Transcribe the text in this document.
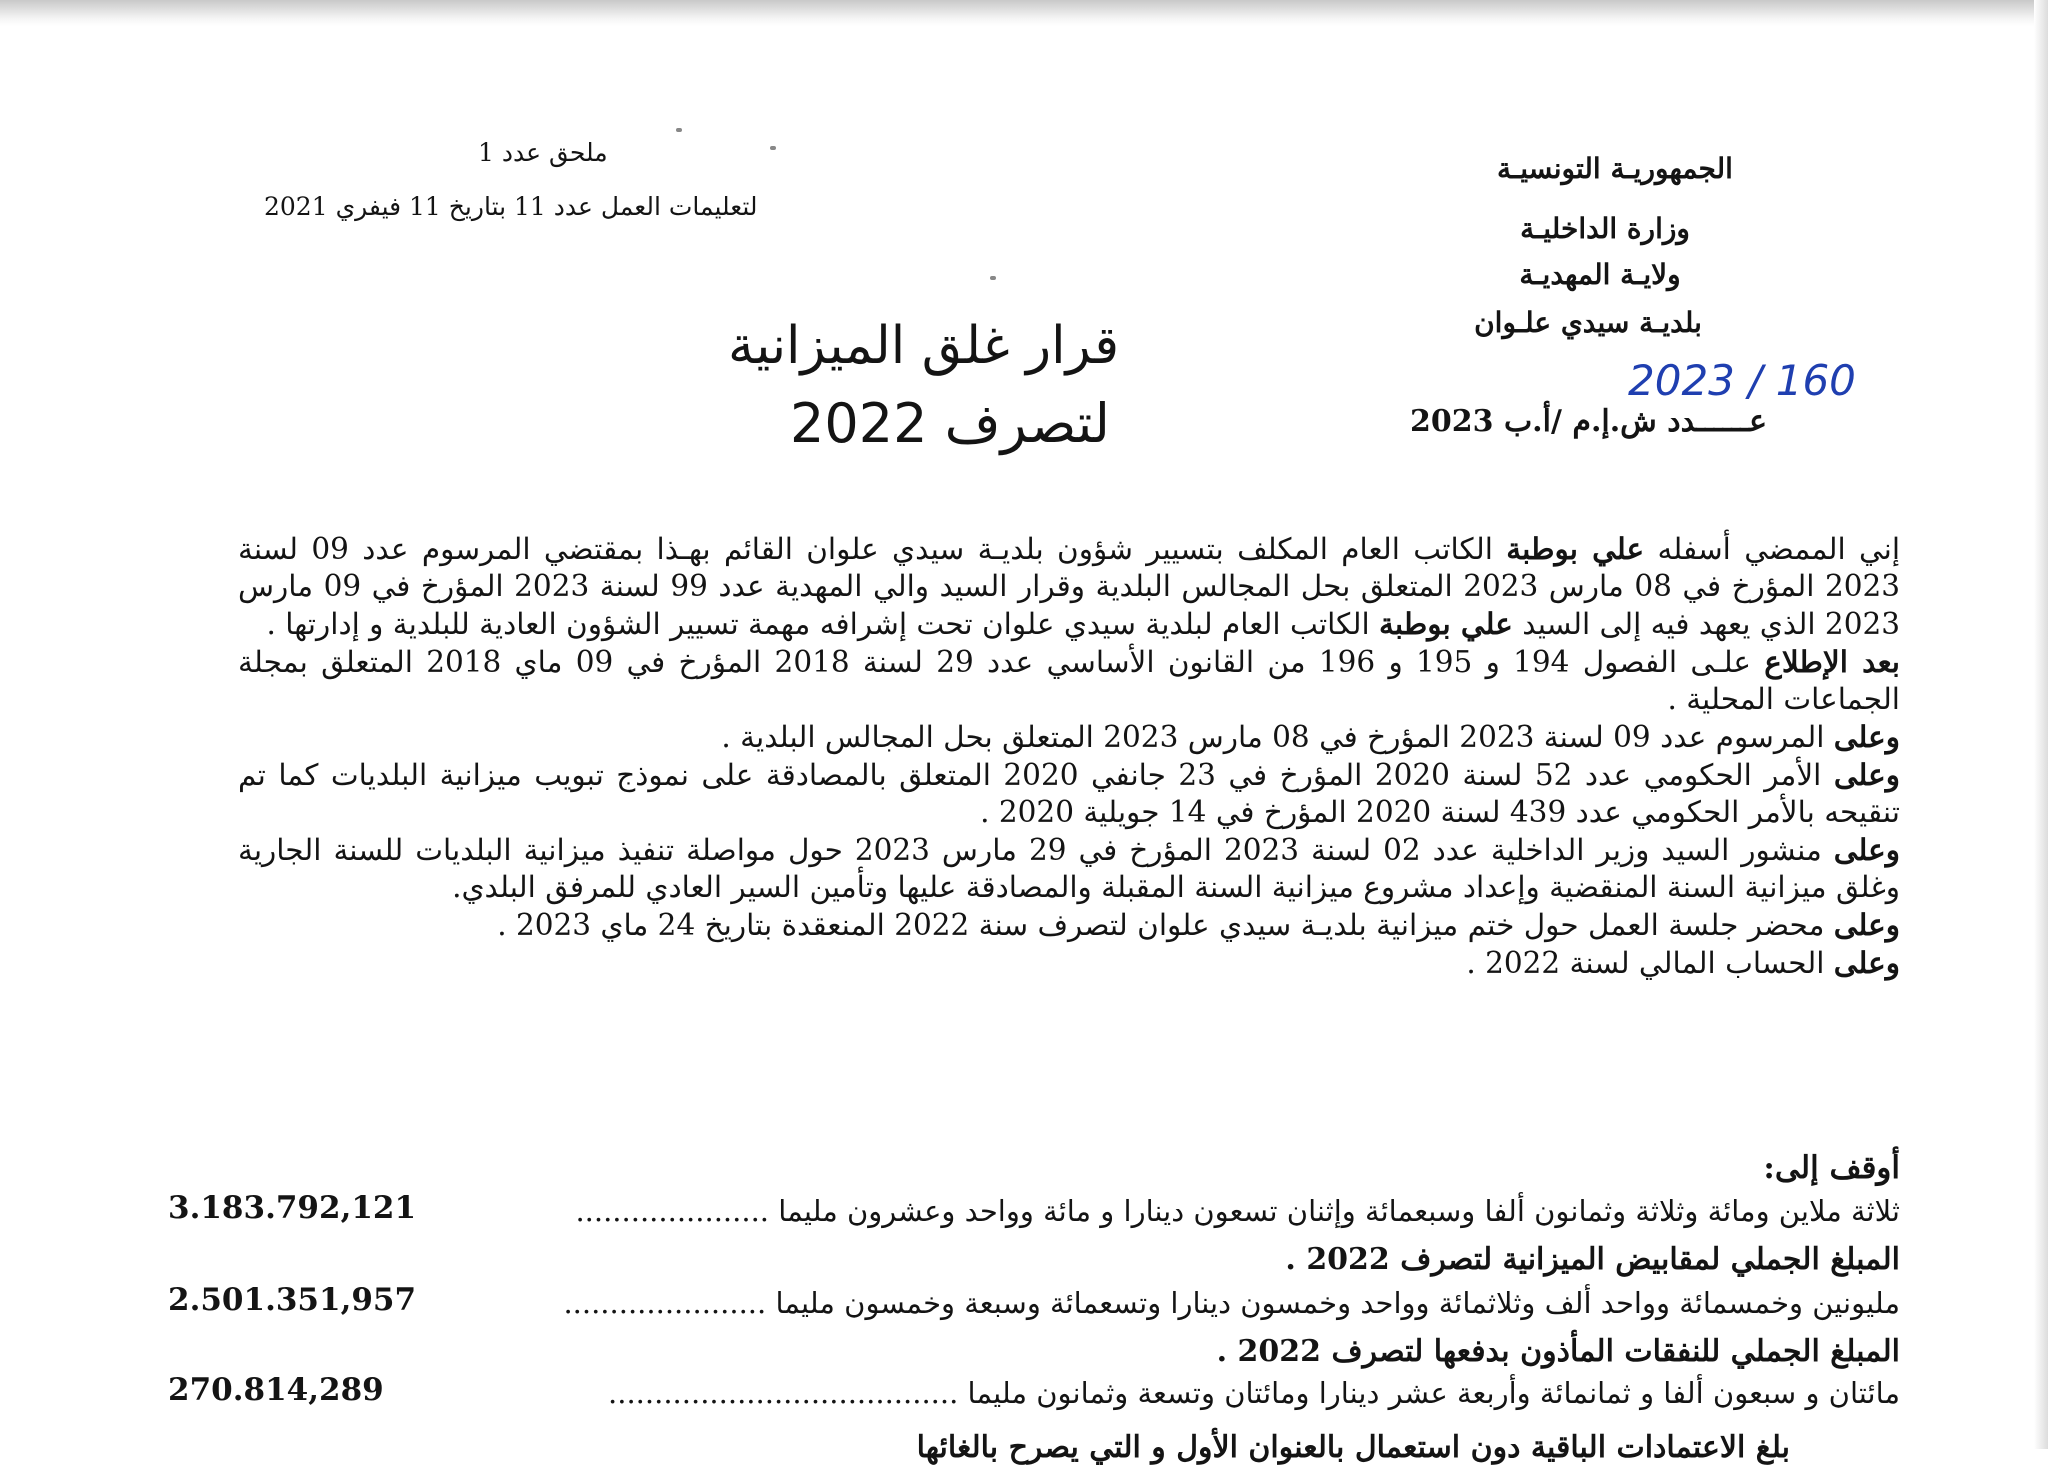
الجمهوريـة التونسيـة
وزارة الداخليـة
ولايـة المهديـة
بلديـة سيدي علـوان
2023 / 160
عــــــدد ش.إ.م /أ.ب 2023
ملحق عدد 1
لتعليمات العمل عدد 11 بتاريخ 11 فيفري 2021
قرار غلق الميزانية
لتصرف 2022
إني الممضي أسفله علي بوطبة الكاتب العام المكلف بتسيير شؤون بلديـة سيدي علوان القائم بهـذا بمقتضي المرسوم عدد 09 لسنة 2023 المؤرخ في 08 مارس 2023 المتعلق بحل المجالس البلدية وقرار السيد والي المهدية عدد 99 لسنة 2023 المؤرخ في 09 مارس 2023 الذي يعهد فيه إلى السيد علي بوطبة الكاتب العام لبلدية سيدي علوان تحت إشرافه مهمة تسيير الشؤون العادية للبلدية و إدارتها .
بعد الإطلاع علـى الفصول 194 و 195 و 196 من القانون الأساسي عدد 29 لسنة 2018 المؤرخ في 09 ماي 2018 المتعلق بمجلة الجماعات المحلية .
وعلى المرسوم عدد 09 لسنة 2023 المؤرخ في 08 مارس 2023 المتعلق بحل المجالس البلدية .
وعلى الأمر الحكومي عدد 52 لسنة 2020 المؤرخ في 23 جانفي 2020 المتعلق بالمصادقة على نموذج تبويب ميزانية البلديات كما تم تنقيحه بالأمر الحكومي عدد 439 لسنة 2020 المؤرخ في 14 جويلية 2020 .
وعلى منشور السيد وزير الداخلية عدد 02 لسنة 2023 المؤرخ في 29 مارس 2023 حول مواصلة تنفيذ ميزانية البلديات للسنة الجارية وغلق ميزانية السنة المنقضية وإعداد مشروع ميزانية السنة المقبلة والمصادقة عليها وتأمين السير العادي للمرفق البلدي.
وعلى محضر جلسة العمل حول ختم ميزانية بلديـة سيدي علوان لتصرف سنة 2022 المنعقدة بتاريخ 24 ماي 2023 .
وعلى الحساب المالي لسنة 2022 .
أوقف إلى:
ثلاثة ملاين ومائة وثلاثة وثمانون ألفا وسبعمائة وإثنان تسعون دينارا و مائة وواحد وعشرون مليما .....................
3.183.792,121
المبلغ الجملي لمقابيض الميزانية لتصرف 2022 .
مليونين وخمسمائة وواحد ألف وثلاثمائة وواحد وخمسون دينارا وتسعمائة وسبعة وخمسون مليما ......................
2.501.351,957
المبلغ الجملي للنفقات المأذون بدفعها لتصرف 2022 .
مائتان و سبعون ألفا و ثمانمائة وأربعة عشر دينارا ومائتان وتسعة وثمانون مليما ......................................
270.814,289
بلغ الاعتمادات الباقية دون استعمال بالعنوان الأول و التي يصرح بالغائها
